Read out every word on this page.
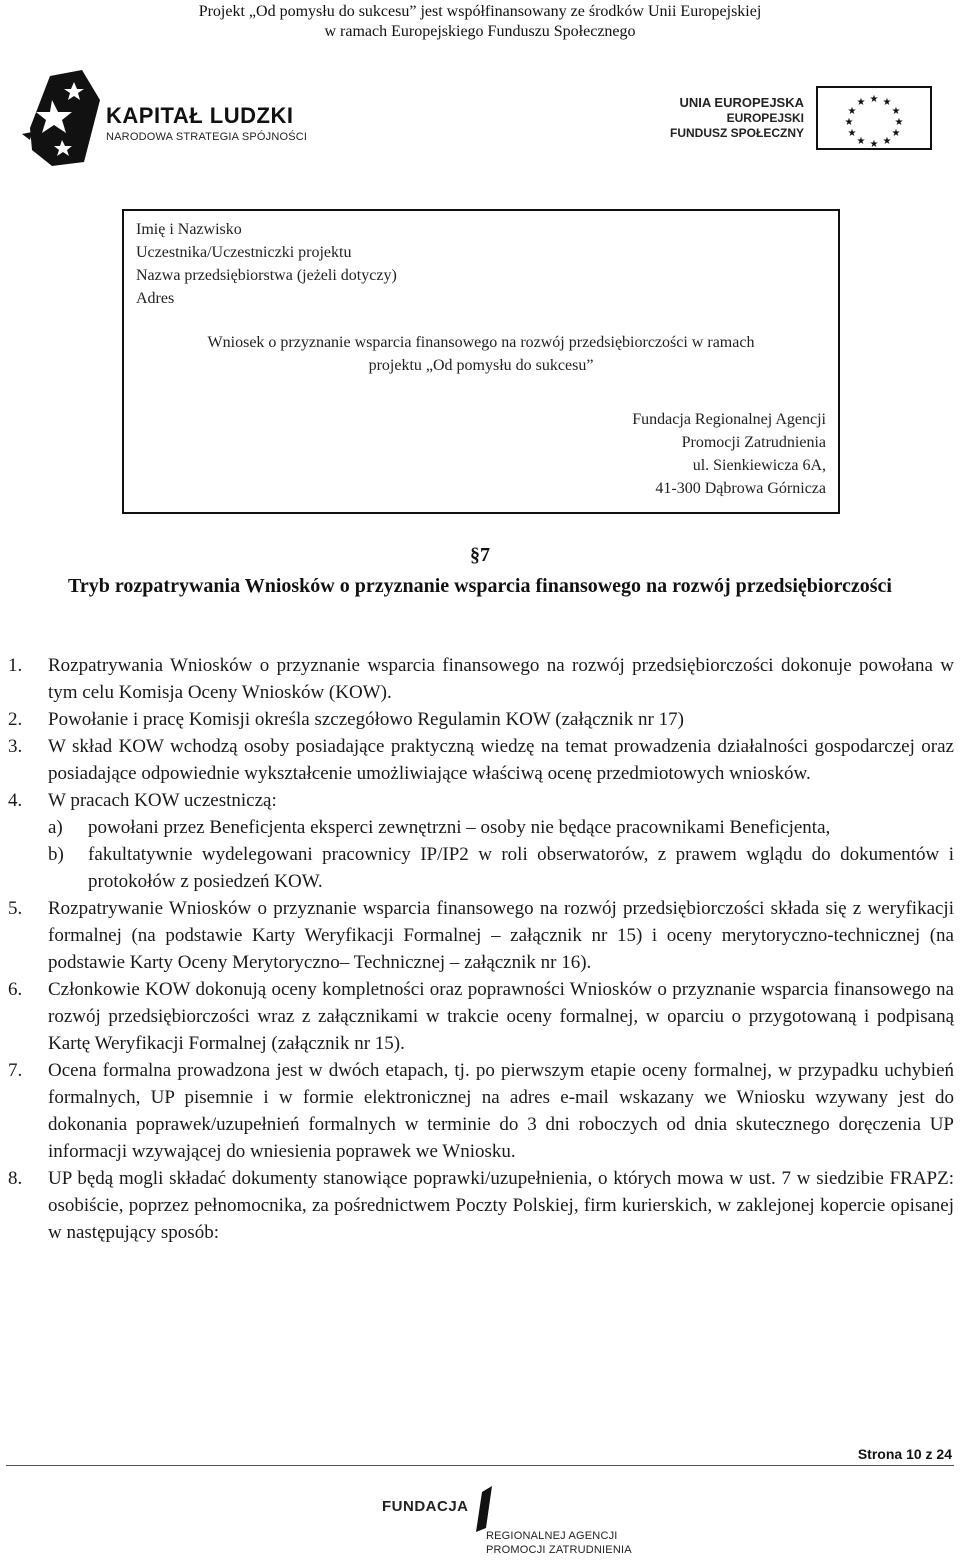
Projekt „Od pomysłu do sukcesu” jest współfinansowany ze środków Unii Europejskiej
w ramach Europejskiego Funduszu Społecznego
KAPITAŁ LUDZKI
NARODOWA STRATEGIA SPÓJNOŚCI
UNIA EUROPEJSKA
EUROPEJSKI
FUNDUSZ SPOŁECZNY
★ ★
★
★
★
★
★
★
★
★
★
★
Imię i Nazwisko
Uczestnika/Uczestniczki projektu
Nazwa przedsiębiorstwa (jeżeli dotyczy)
Adres
Wniosek o przyznanie wsparcia finansowego na rozwój przedsiębiorczości w ramach
projektu „Od pomysłu do sukcesu”
Fundacja Regionalnej Agencji
Promocji Zatrudnienia
ul. Sienkiewicza 6A,
41-300 Dąbrowa Górnicza
§7
Tryb rozpatrywania Wniosków o przyznanie wsparcia finansowego na rozwój przedsiębiorczości
1. Rozpatrywania Wniosków o przyznanie wsparcia finansowego na rozwój przedsiębiorczości dokonuje powołana w tym celu Komisja Oceny Wniosków (KOW).
2. Powołanie i pracę Komisji określa szczegółowo Regulamin KOW (załącznik nr 17)
3. W skład KOW wchodzą osoby posiadające praktyczną wiedzę na temat prowadzenia działalności gospodarczej oraz posiadające odpowiednie wykształcenie umożliwiające właściwą ocenę przedmiotowych wniosków.
4. W pracach KOW uczestniczą:
a) powołani przez Beneficjenta eksperci zewnętrzni – osoby nie będące pracownikami Beneficjenta,
b) fakultatywnie wydelegowani pracownicy IP/IP2 w roli obserwatorów, z prawem wglądu do dokumentów i protokołów z posiedzeń KOW.
5. Rozpatrywanie Wniosków o przyznanie wsparcia finansowego na rozwój przedsiębiorczości składa się z weryfikacji formalnej (na podstawie Karty Weryfikacji Formalnej – załącznik nr 15) i oceny merytoryczno-technicznej (na podstawie Karty Oceny Merytoryczno– Technicznej – załącznik nr 16).
6. Członkowie KOW dokonują oceny kompletności oraz poprawności Wniosków o przyznanie wsparcia finansowego na rozwój przedsiębiorczości wraz z załącznikami w trakcie oceny formalnej, w oparciu o przygotowaną i podpisaną Kartę Weryfikacji Formalnej (załącznik nr 15).
7. Ocena formalna prowadzona jest w dwóch etapach, tj. po pierwszym etapie oceny formalnej, w przypadku uchybień formalnych, UP pisemnie i w formie elektronicznej na adres e-mail wskazany we Wniosku wzywany jest do dokonania poprawek/uzupełnień formalnych w terminie do 3 dni roboczych od dnia skutecznego doręczenia UP informacji wzywającej do wniesienia poprawek we Wniosku.
8. UP będą mogli składać dokumenty stanowiące poprawki/uzupełnienia, o których mowa w ust. 7 w siedzibie FRAPZ: osobiście, poprzez pełnomocnika, za pośrednictwem Poczty Polskiej, firm kurierskich, w zaklejonej kopercie opisanej w następujący sposób:
Strona 10 z 24
FUNDACJA
REGIONALNEJ AGENCJI
PROMOCJI ZATRUDNIENIA
